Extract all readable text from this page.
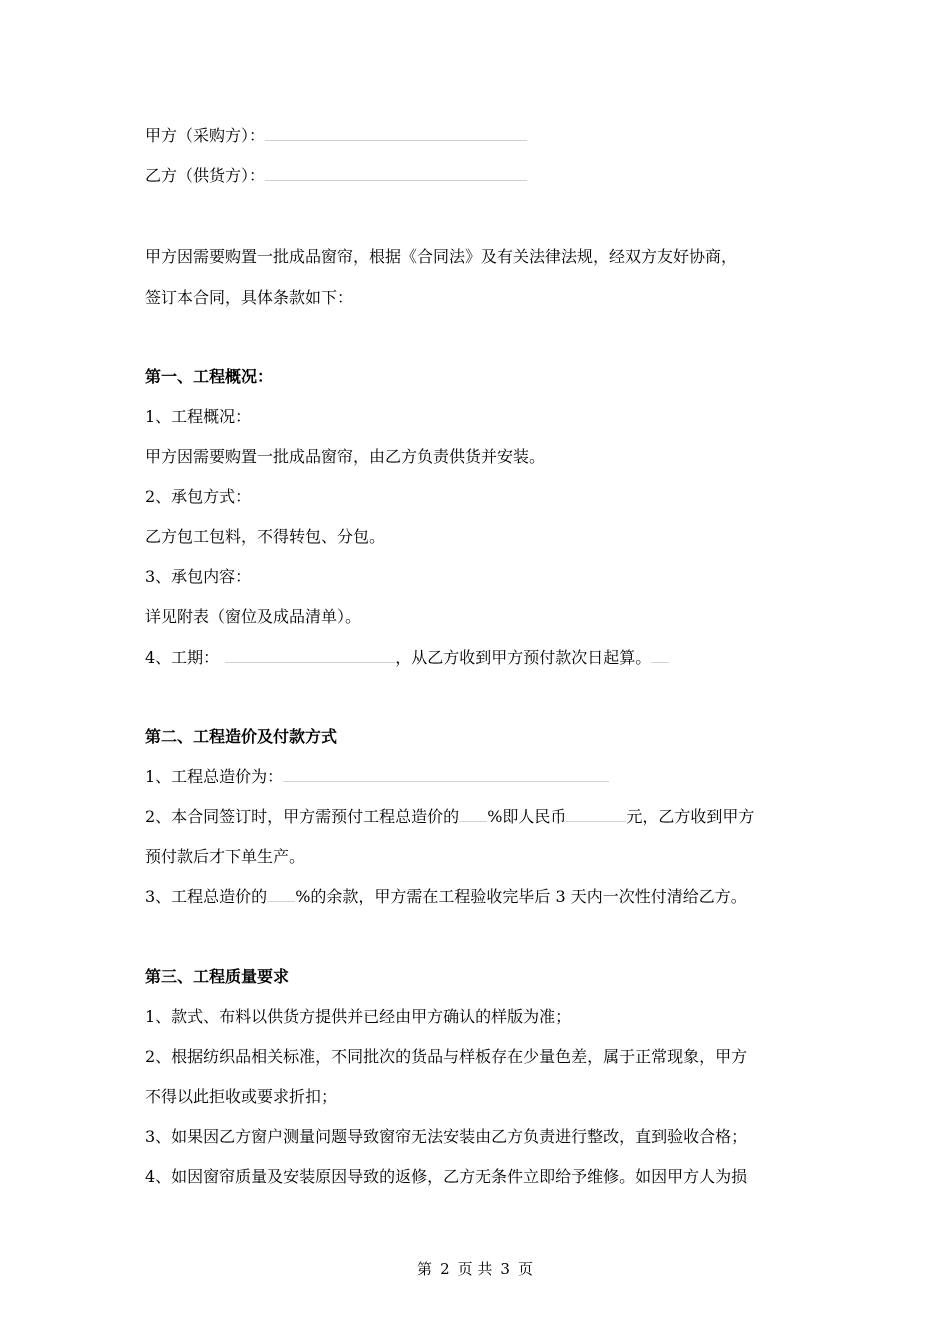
甲方（采购方）：
乙方（供货方）：
甲方因需要购置一批成品窗帘，根据《合同法》及有关法律法规，经双方友好协商，
签订本合同，具体条款如下：
第一、工程概况：
1、工程概况：
甲方因需要购置一批成品窗帘，由乙方负责供货并安装。
2、承包方式：
乙方包工包料，不得转包、分包。
3、承包内容：
详见附表（窗位及成品清单）。
4、工期：	，从乙方收到甲方预付款次日起算。
第二、工程造价及付款方式
1、工程总造价为：
2、本合同签订时，甲方需预付工程总造价的 %即人民币	元，乙方收到甲方
预付款后才下单生产。
3、工程总造价的 %的余款，甲方需在工程验收完毕后 3 天内一次性付清给乙方。
第三、工程质量要求
1、款式、布料以供货方提供并已经由甲方确认的样版为准；
2、根据纺织品相关标准，不同批次的货品与样板存在少量色差，属于正常现象，甲方
不得以此拒收或要求折扣；
3、如果因乙方窗户测量问题导致窗帘无法安装由乙方负责进行整改，直到验收合格；
4、如因窗帘质量及安装原因导致的返修，乙方无条件立即给予维修。如因甲方人为损
第 2 页 共 3 页
